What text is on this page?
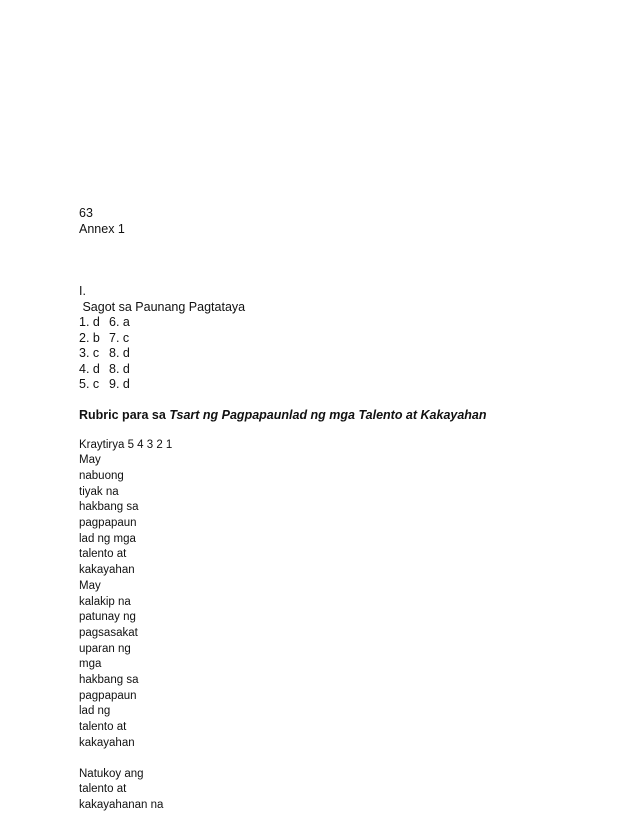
63
Annex 1
I.
Sagot sa Paunang Pagtataya
1. d 6. a
2. b 7. c
3. c 8. d
4. d 8. d
5. c 9. d
Rubric para sa Tsart ng Pagpapaunlad ng mga Talento at Kakayahan
Kraytirya 5 4 3 2 1
May
nabuong
tiyak na
hakbang sa
pagpapaun
lad ng mga
talento at
kakayahan
May
kalakip na
patunay ng
pagsasakat
uparan ng
mga
hakbang sa
pagpapaun
lad ng
talento at
kakayahan
Natukoy ang
talento at
kakayahanan na
